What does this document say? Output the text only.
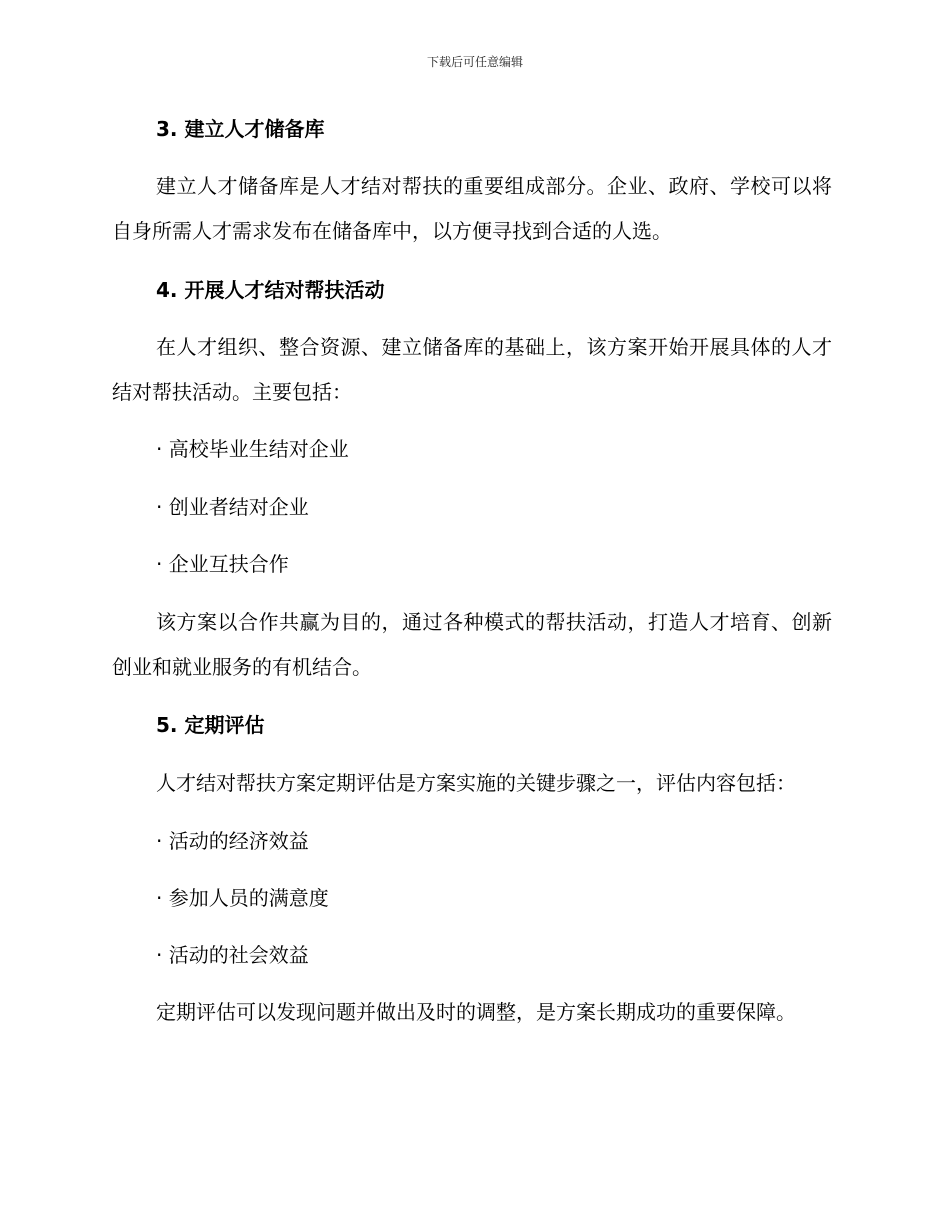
下载后可任意编辑
3. 建立人才储备库

建立人才储备库是人才结对帮扶的重要组成部分。企业、政府、学校可以将自身所需人才需求发布在储备库中，以方便寻找到合适的人选。

4. 开展人才结对帮扶活动

在人才组织、整合资源、建立储备库的基础上，该方案开始开展具体的人才结对帮扶活动。主要包括：

· 高校毕业生结对企业

· 创业者结对企业

· 企业互扶合作

该方案以合作共赢为目的，通过各种模式的帮扶活动，打造人才培育、创新创业和就业服务的有机结合。

5. 定期评估

人才结对帮扶方案定期评估是方案实施的关键步骤之一，评估内容包括：

· 活动的经济效益

· 参加人员的满意度

· 活动的社会效益

定期评估可以发现问题并做出及时的调整，是方案长期成功的重要保障。
